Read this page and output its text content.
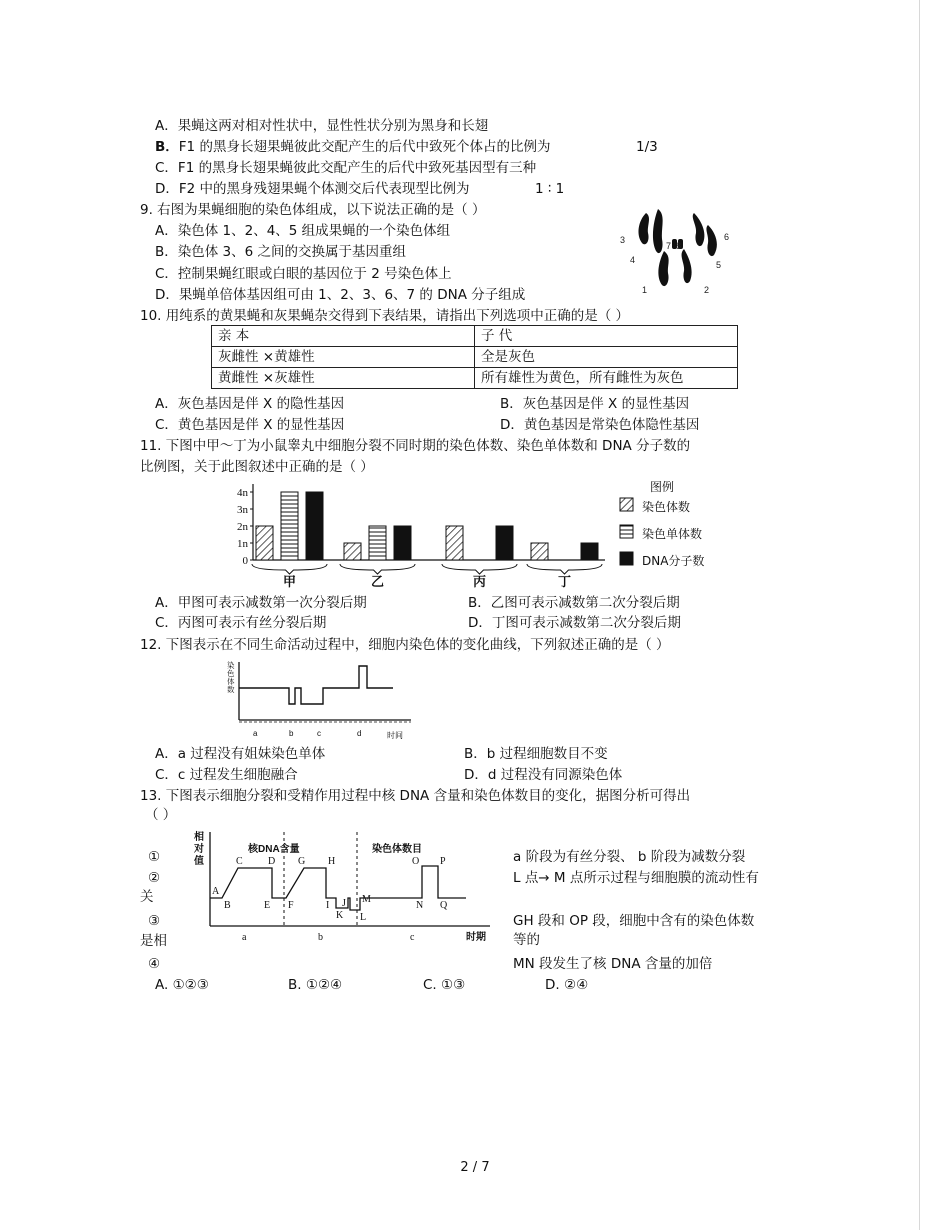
A．果蝇这两对相对性状中，显性性状分别为黑身和长翅
B．F1 的黑身长翅果蝇彼此交配产生的后代中致死个体占的比例为	1/3
C．F1 的黑身长翅果蝇彼此交配产生的后代中致死基因型有三种
D．F2 中的黑身残翅果蝇个体测交后代表现型比例为	1 ∶ 1
9. 右图为果蝇细胞的染色体组成，以下说法正确的是（ ）
A．染色体 1、2、4、5 组成果蝇的一个染色体组
B．染色体 3、6 之间的交换属于基因重组
C．控制果蝇红眼或白眼的基因位于 2 号染色体上
D．果蝇单倍体基因组可由 1、2、3、6、7 的 DNA 分子组成
3
4
7 8
6
5
1	2
10. 用纯系的黄果蝇和灰果蝇杂交得到下表结果，请指出下列选项中正确的是（ ）
亲 本	子 代
灰雌性 ×黄雄性	全是灰色
黄雌性 ×灰雄性	所有雄性为黄色，所有雌性为灰色
A．灰色基因是伴 X 的隐性基因	B．灰色基因是伴 X 的显性基因
C．黄色基因是伴 X 的显性基因	D．黄色基因是常染色体隐性基因
11. 下图中甲～丁为小鼠睾丸中细胞分裂不同时期的染色体数、染色单体数和 DNA 分子数的
比例图，关于此图叙述中正确的是（ ）
0
1n
2n
3n
4n
甲	乙	丙	丁
图例
染色体数
染色单体数
DNA分子数
A．甲图可表示减数第一次分裂后期	B．乙图可表示减数第二次分裂后期
C．丙图可表示有丝分裂后期	D．丁图可表示减数第二次分裂后期
12. 下图表示在不同生命活动过程中，细胞内染色体的变化曲线，下列叙述正确的是（ ）
染
色
体
数
a	b	c	d	时间
A．a 过程没有姐妹染色单体	B．b 过程细胞数目不变
C．c 过程发生细胞融合	D．d 过程没有同源染色体
13. 下图表示细胞分裂和受精作用过程中核 DNA 含量和染色体数目的变化，据图分析可得出
（ ）
相
对
值
核DNA含量	染色体数目
A
B
C	D
E F
G H
I J
K L
M
N
O P
Q
a	b	c	时期
①	a 阶段为有丝分裂、 b 阶段为减数分裂
②	L 点→ M 点所示过程与细胞膜的流动性有
关
③	GH 段和 OP 段，细胞中含有的染色体数
是相	等的
④	MN 段发生了核 DNA 含量的加倍
A. ①②③	B. ①②④	C. ①③	D. ②④
2 / 7
